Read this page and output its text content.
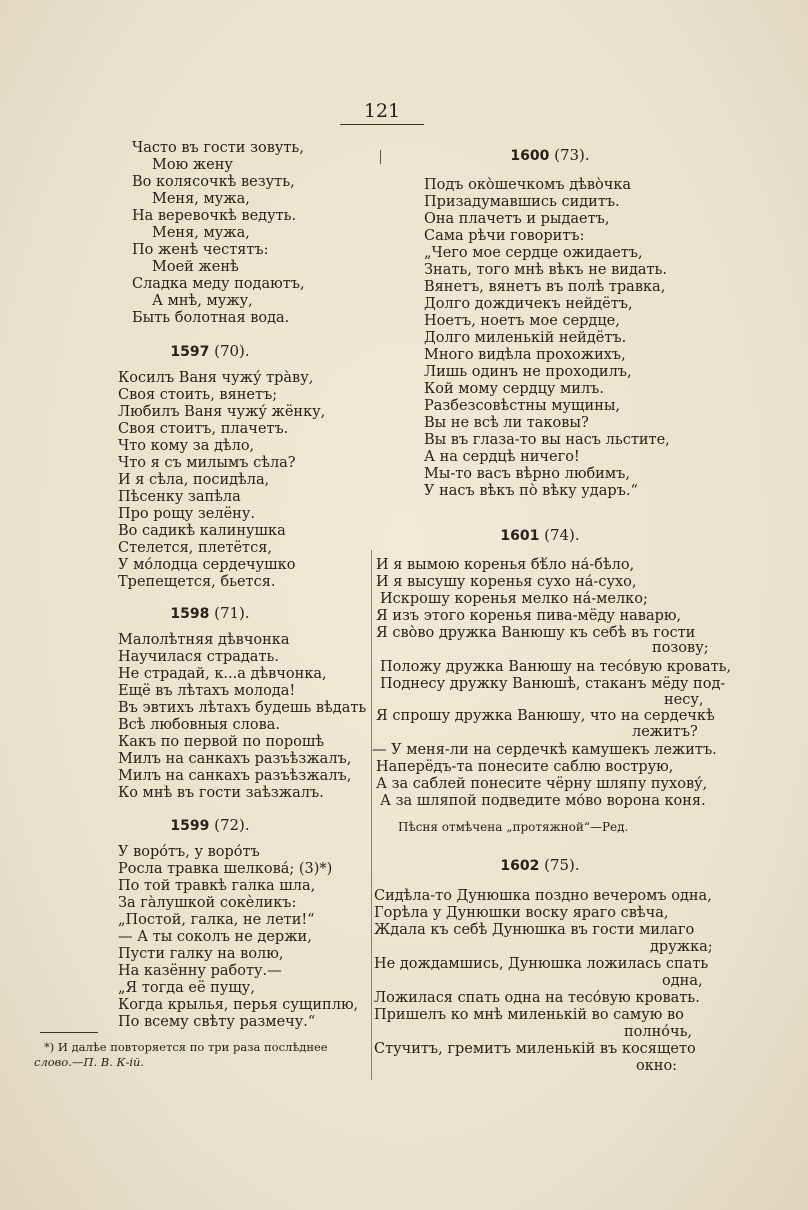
121
Часто въ гости зовуть,
Мою жену
Во колясочкѣ везуть,
Меня, мужа,
На веревочкѣ ведуть.
Меня, мужа,
По женѣ честятъ:
Моей женѣ
Сладка меду подаютъ,
А мнѣ, мужу,
Быть болотная вода.
1597 (70).
Косилъ Ваня чужу́ тра̀ву,
Своя стоить, вянетъ;
Любилъ Ваня чужу́ жёнку,
Своя стоитъ, плачетъ.
Что кому за дѣло,
Что я съ милымъ сѣла?
И я сѣла, посидѣла,
Пѣсенку запѣла
Про рощу зелёну.
Во садикѣ калинушка
Стелется, плетётся,
У мо́лодца сердечушко
Трепещется, бьется.
1598 (71).
Малолѣтняя дѣвчонка
Научилася страдать.
Не страдай, к...а дѣвчонка,
Ещё въ лѣтахъ молода!
Въ эвтихъ лѣтахъ будешь вѣдать
Всѣ любовныя слова.
Какъ по первой по порошѣ
Милъ на санкахъ разъѣзжалъ,
Милъ на санкахъ разъѣзжалъ,
Ко мнѣ въ гости заѣзжалъ.
1599 (72).
У воро́тъ, у воро́тъ
Росла травка шелкова́; (3)*)
По той травкѣ галка шла,
За га̀лушкой сокѐликъ:
„Постой, галка, не лети!“
— А ты соколъ не держи,
Пусти галку на волю,
На казённу работу.—
„Я тогда её пущу,
Когда крылья, перья сущиплю,
По всему свѣту размечу.“
*) И далѣе повторяется по три раза послѣднее
слово.—П. В. К-ій.
1600 (73).
Подъ око̀шечкомъ дѣво̀чка
Призадумавшись сидитъ.
Она плачетъ и рыдаетъ,
Сама рѣчи говоритъ:
„Чего мое сердце ожидаетъ,
Знать, того мнѣ вѣкъ не видать.
Вянетъ, вянетъ въ полѣ травка,
Долго дождичекъ нейдётъ,
Ноетъ, ноетъ мое сердце,
Долго миленькій нейдётъ.
Много видѣла прохожихъ,
Лишь одинъ не проходилъ,
Кой мому сердцу милъ.
Разбезсовѣстны мущины,
Вы не всѣ ли таковы?
Вы въ глаза-то вы насъ льстите,
А на сердцѣ ничего!
Мы-то васъ вѣрно любимъ,
У насъ вѣкъ по̀ вѣку ударъ.“
1601 (74).
И я вымою коренья бѣ́ло на́-бѣло,
И я высушу коренья сухо на́-сухо,
Искрошу коренья мелко на́-мелко;
Я изъ этого коренья пива-мёду наварю,
Я сво̀во дружка Ванюшу къ себѣ въ гости
позову;
Положу дружка Ванюшу на тесо́вую кровать,
Поднесу дружку Ванюшѣ, стаканъ мёду под-
несу,
Я спрошу дружка Ванюшу, что на сердечкѣ
лежитъ?
— У меня-ли на сердечкѣ камушекъ лежитъ.
Наперёдъ-та понесите саблю вострую,
А за саблей понесите чёрну шляпу пухову́,
А за шляпой подведите мо́во ворона коня.
Пѣсня отмѣчена „протяжной“—Ред.
1602 (75).
Сидѣла-то Дунюшка поздно вечеромъ одна,
Горѣла у Дунюшки воску яраго свѣча,
Ждала къ себѣ Дунюшка въ гости милаго
дружка;
Не дождамшись, Дунюшка ложилась спать
одна,
Ложилася спать одна на тесо́вую кровать.
Пришелъ ко мнѣ миленькій во самую во
полно́чь,
Стучитъ, гремитъ миленькій въ косящето
окно:
